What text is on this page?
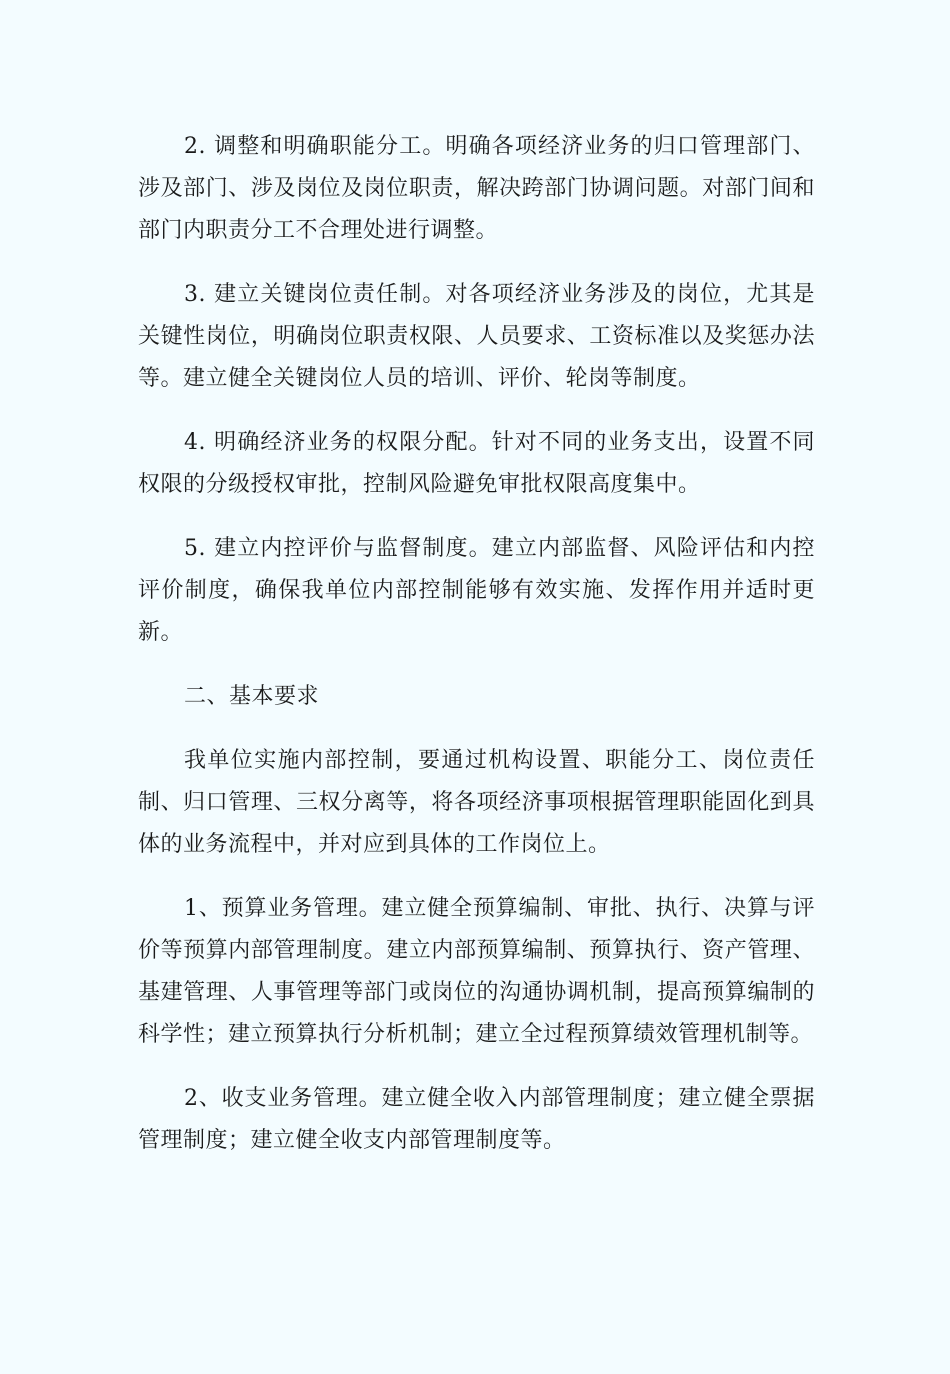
2. 调整和明确职能分工。明确各项经济业务的归口管理部门、涉及部门、涉及岗位及岗位职责，解决跨部门协调问题。对部门间和部门内职责分工不合理处进行调整。

3. 建立关键岗位责任制。对各项经济业务涉及的岗位，尤其是关键性岗位，明确岗位职责权限、人员要求、工资标准以及奖惩办法等。建立健全关键岗位人员的培训、评价、轮岗等制度。

4. 明确经济业务的权限分配。针对不同的业务支出，设置不同权限的分级授权审批，控制风险避免审批权限高度集中。

5. 建立内控评价与监督制度。建立内部监督、风险评估和内控评价制度，确保我单位内部控制能够有效实施、发挥作用并适时更新。

二、基本要求

我单位实施内部控制，要通过机构设置、职能分工、岗位责任制、归口管理、三权分离等，将各项经济事项根据管理职能固化到具体的业务流程中，并对应到具体的工作岗位上。

1、预算业务管理。建立健全预算编制、审批、执行、决算与评价等预算内部管理制度。建立内部预算编制、预算执行、资产管理、基建管理、人事管理等部门或岗位的沟通协调机制，提高预算编制的科学性；建立预算执行分析机制；建立全过程预算绩效管理机制等。

2、收支业务管理。建立健全收入内部管理制度；建立健全票据管理制度；建立健全收支内部管理制度等。
